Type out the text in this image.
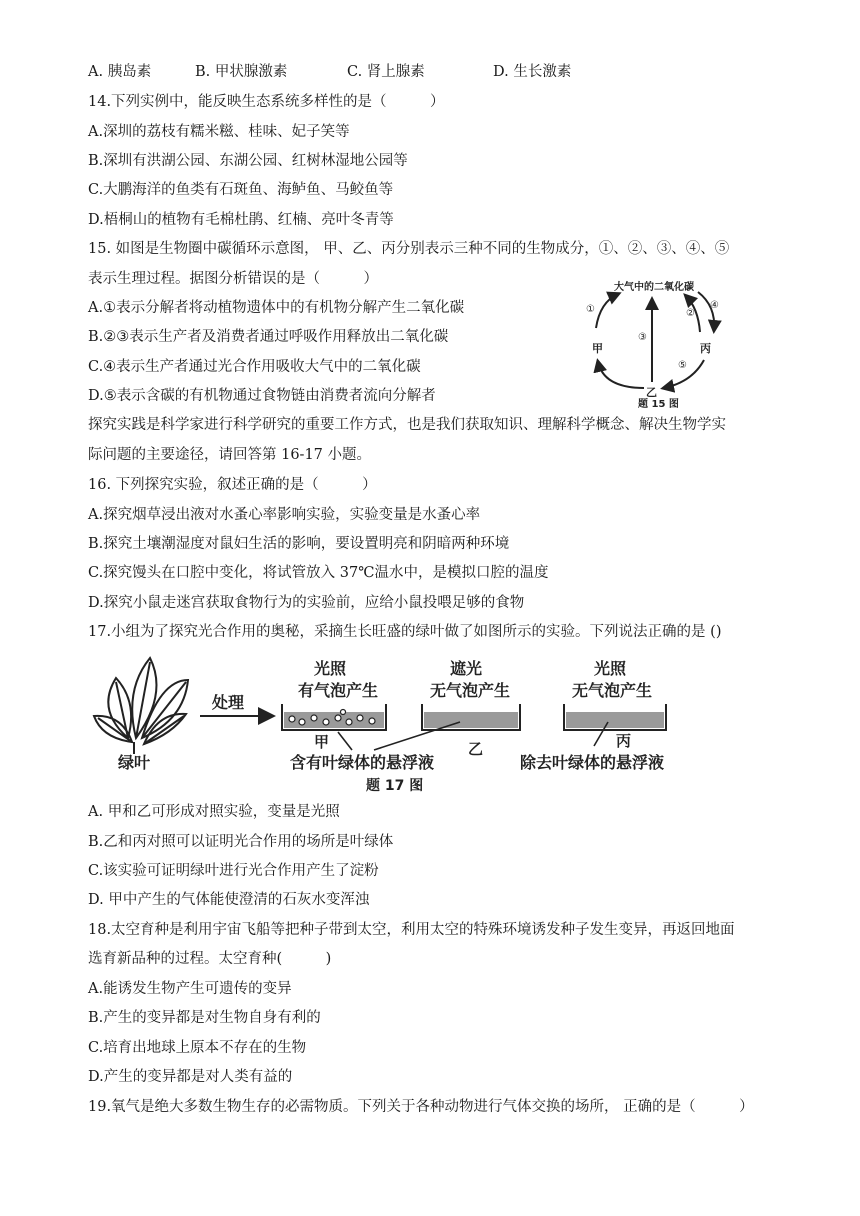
A. 胰岛素	B. 甲状腺激素	C. 肾上腺素	D. 生长激素
14.下列实例中，能反映生态系统多样性的是（　　　）
A.深圳的荔枝有糯米糍、桂味、妃子笑等
B.深圳有洪湖公园、东湖公园、红树林湿地公园等
C.大鹏海洋的鱼类有石斑鱼、海鲈鱼、马鲛鱼等
D.梧桐山的植物有毛棉杜鹃、红楠、亮叶冬青等
15. 如图是生物圈中碳循环示意图， 甲、乙、丙分别表示三种不同的生物成分，①、②、③、④、⑤
表示生理过程。据图分析错误的是（　　　）
A.①表示分解者将动植物遗体中的有机物分解产生二氧化碳
B.②③表示生产者及消费者通过呼吸作用释放出二氧化碳
C.④表示生产者通过光合作用吸收大气中的二氧化碳
D.⑤表示含碳的有机物通过食物链由消费者流向分解者
大气中的二氧化碳
①
甲
③
②
④
丙
⑤
乙
题 15 图
探究实践是科学家进行科学研究的重要工作方式，也是我们获取知识、理解科学概念、解决生物学实
际问题的主要途径，请回答第 16-17 小题。
16. 下列探究实验，叙述正确的是（　　　）
A.探究烟草浸出液对水蚤心率影响实验，实验变量是水蚤心率
B.探究土壤潮湿度对鼠妇生活的影响，要设置明亮和阴暗两种环境
C.探究馒头在口腔中变化，将试管放入 37℃温水中，是模拟口腔的温度
D.探究小鼠走迷宫获取食物行为的实验前，应给小鼠投喂足够的食物
17.小组为了探究光合作用的奥秘，采摘生长旺盛的绿叶做了如图所示的实验。下列说法正确的是 ()
绿叶
处理
光照
有气泡产生
甲
遮光
无气泡产生
乙
含有叶绿体的悬浮液
光照
无气泡产生
丙
除去叶绿体的悬浮液
题 17 图
A. 甲和乙可形成对照实验，变量是光照
B.乙和丙对照可以证明光合作用的场所是叶绿体
C.该实验可证明绿叶进行光合作用产生了淀粉
D. 甲中产生的气体能使澄清的石灰水变浑浊
18.太空育种是利用宇宙飞船等把种子带到太空，利用太空的特殊环境诱发种子发生变异，再返回地面
选育新品种的过程。太空育种(　　　)
A.能诱发生物产生可遗传的变异
B.产生的变异都是对生物自身有利的
C.培育出地球上原本不存在的生物
D.产生的变异都是对人类有益的
19.氧气是绝大多数生物生存的必需物质。下列关于各种动物进行气体交换的场所， 正确的是（　　　）
